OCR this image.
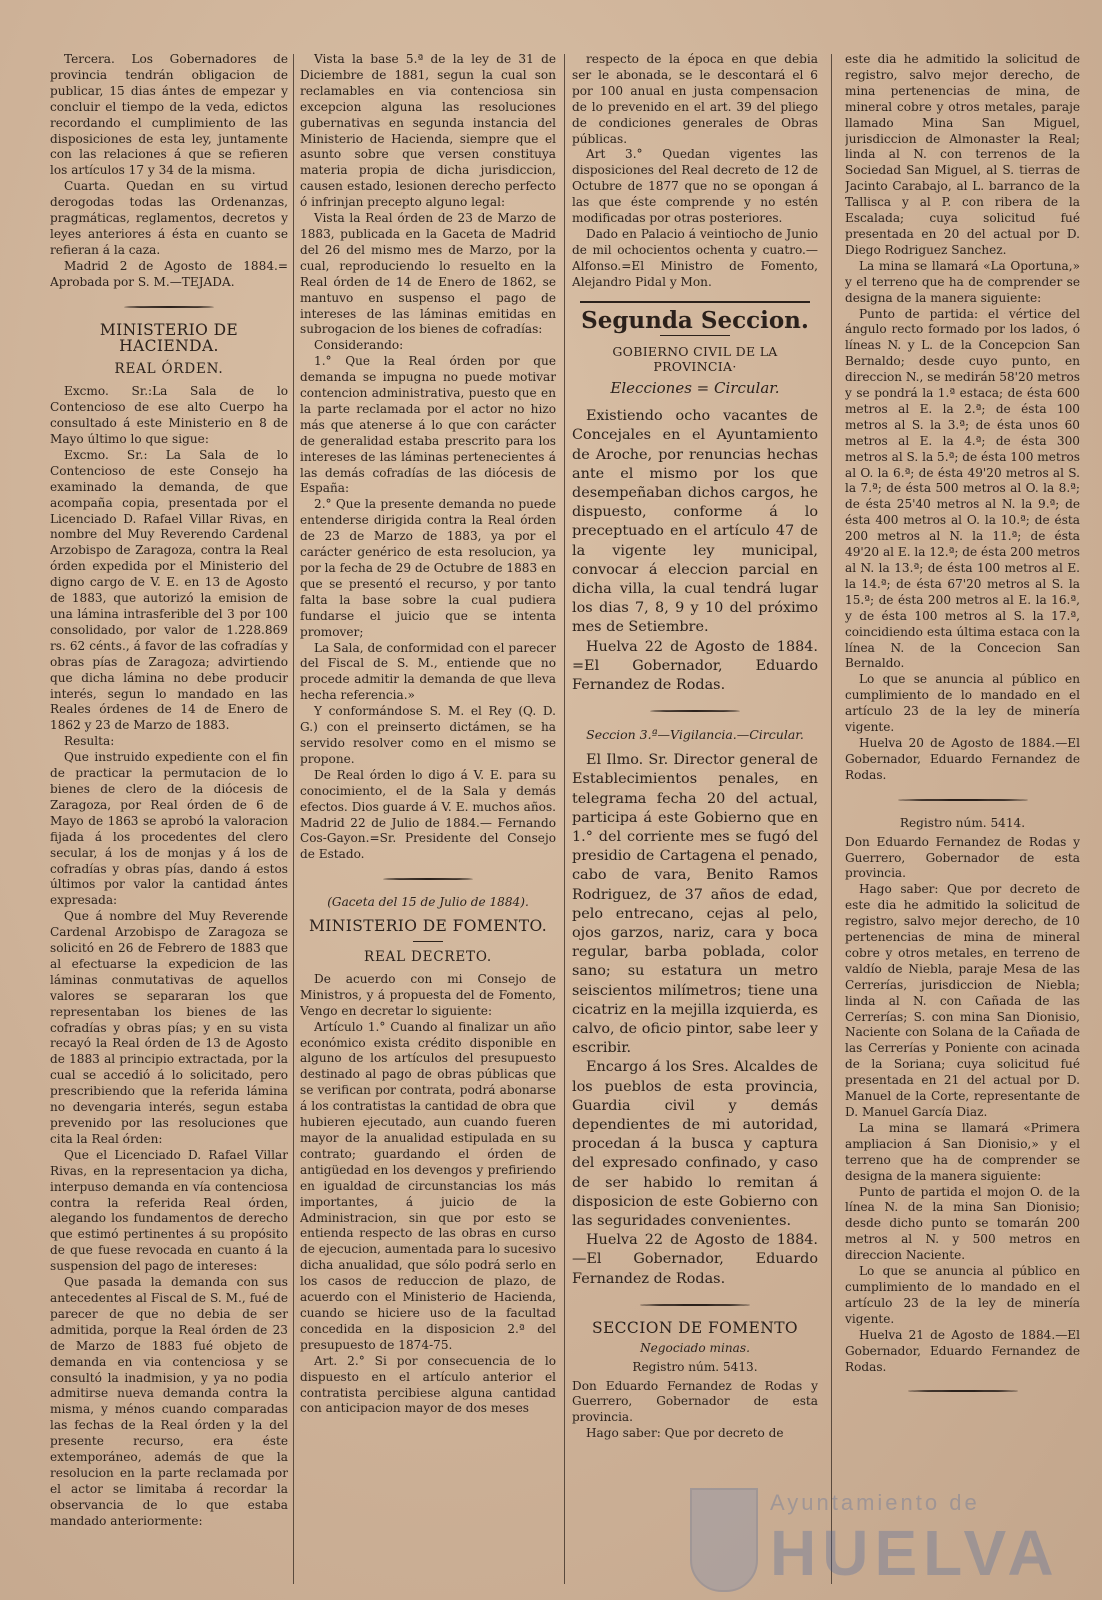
Tercera. Los Gobernadores de provincia tendrán obligacion de publicar, 15 dias ántes de empezar y concluir el tiempo de la veda, edictos recordando el cumplimiento de las disposiciones de esta ley, juntamente con las relaciones á que se refieren los artículos 17 y 34 de la misma.

Cuarta. Quedan en su virtud derogodas todas las Ordenanzas, pragmáticas, reglamentos, decretos y leyes anteriores á ésta en cuanto se refieran á la caza.

Madrid 2 de Agosto de 1884.= Aprobada por S. M.—TEJADA.

MINISTERIO DE HACIENDA.
REAL ÓRDEN.

Excmo. Sr.:La Sala de lo Contencioso de ese alto Cuerpo ha consultado á este Ministerio en 8 de Mayo último lo que sigue:

Excmo. Sr.: La Sala de lo Contencioso de este Consejo ha examinado la demanda, de que acompaña copia, presentada por el Licenciado D. Rafael Villar Rivas, en nombre del Muy Reverendo Cardenal Arzobispo de Zaragoza, contra la Real órden expedida por el Ministerio del digno cargo de V. E. en 13 de Agosto de 1883, que autorizó la emision de una lámina intrasferible del 3 por 100 consolidado, por valor de 1.228.869 rs. 62 cénts., á favor de las cofradías y obras pías de Zaragoza; advirtiendo que dicha lámina no debe producir interés, segun lo mandado en las Reales órdenes de 14 de Enero de 1862 y 23 de Marzo de 1883.

Resulta:

Que instruido expediente con el fin de practicar la permutacion de lo bienes de clero de la diócesis de Zaragoza, por Real órden de 6 de Mayo de 1863 se aprobó la valoracion fijada á los procedentes del clero secular, á los de monjas y á los de cofradías y obras pías, dando á estos últimos por valor la cantidad ántes expresada:

Que á nombre del Muy Reverende Cardenal Arzobispo de Zaragoza se solicitó en 26 de Febrero de 1883 que al efectuarse la expedicion de las láminas conmutativas de aquellos valores se separaran los que representaban los bienes de las cofradías y obras pías; y en su vista recayó la Real órden de 13 de Agosto de 1883 al principio extractada, por la cual se accedió á lo solicitado, pero prescribiendo que la referida lámina no devengaria interés, segun estaba prevenido por las resoluciones que cita la Real órden:

Que el Licenciado D. Rafael Villar Rivas, en la representacion ya dicha, interpuso demanda en vía contenciosa contra la referida Real órden, alegando los fundamentos de derecho que estimó pertinentes á su propósito de que fuese revocada en cuanto á la suspension del pago de intereses:

Que pasada la demanda con sus antecedentes al Fiscal de S. M., fué de parecer de que no debia de ser admitida, porque la Real órden de 23 de Marzo de 1883 fué objeto de demanda en via contenciosa y se consultó la inadmision, y ya no podia admitirse nueva demanda contra la misma, y ménos cuando comparadas las fechas de la Real órden y la del presente recurso, era éste extemporáneo, además de que la resolucion en la parte reclamada por el actor se limitaba á recordar la observancia de lo que estaba mandado anteriormente:

Vista la base 5.ª de la ley de 31 de Diciembre de 1881, segun la cual son reclamables en via contenciosa sin excepcion alguna las resoluciones gubernativas en segunda instancia del Ministerio de Hacienda, siempre que el asunto sobre que versen constituya materia propia de dicha jurisdiccion, causen estado, lesionen derecho perfecto ó infrinjan precepto alguno legal:

Vista la Real órden de 23 de Marzo de 1883, publicada en la Gaceta de Madrid del 26 del mismo mes de Marzo, por la cual, reproduciendo lo resuelto en la Real órden de 14 de Enero de 1862, se mantuvo en suspenso el pago de intereses de las láminas emitidas en subrogacion de los bienes de cofradías:

Considerando:

1.° Que la Real órden por que demanda se impugna no puede motivar contencion administrativa, puesto que en la parte reclamada por el actor no hizo más que atenerse á lo que con carácter de generalidad estaba prescrito para los intereses de las láminas pertenecientes á las demás cofradías de las diócesis de España:

2.° Que la presente demanda no puede entenderse dirigida contra la Real órden de 23 de Marzo de 1883, ya por el carácter genérico de esta resolucion, ya por la fecha de 29 de Octubre de 1883 en que se presentó el recurso, y por tanto falta la base sobre la cual pudiera fundarse el juicio que se intenta promover;

La Sala, de conformidad con el parecer del Fiscal de S. M., entiende que no procede admitir la demanda de que lleva hecha referencia.»

Y conformándose S. M. el Rey (Q. D. G.) con el preinserto dictámen, se ha servido resolver como en el mismo se propone.

De Real órden lo digo á V. E. para su conocimiento, el de la Sala y demás efectos. Dios guarde á V. E. muchos años. Madrid 22 de Julio de 1884.— Fernando Cos-Gayon.=Sr. Presidente del Consejo de Estado.

(Gaceta del 15 de Julio de 1884).

MINISTERIO DE FOMENTO.
REAL DECRETO.

De acuerdo con mi Consejo de Ministros, y á propuesta del de Fomento, Vengo en decretar lo siguiente:

Artículo 1.° Cuando al finalizar un año económico exista crédito disponible en alguno de los artículos del presupuesto destinado al pago de obras públicas que se verifican por contrata, podrá abonarse á los contratistas la cantidad de obra que hubieren ejecutado, aun cuando fueren mayor de la anualidad estipulada en su contrato; guardando el órden de antigüedad en los devengos y prefiriendo en igualdad de circunstancias los más importantes, á juicio de la Administracion, sin que por esto se entienda respecto de las obras en curso de ejecucion, aumentada para lo sucesivo dicha anualidad, que sólo podrá serlo en los casos de reduccion de plazo, de acuerdo con el Ministerio de Hacienda, cuando se hiciere uso de la facultad concedida en la disposicion 2.ª del presupuesto de 1874-75.

Art. 2.° Si por consecuencia de lo dispuesto en el artículo anterior el contratista percibiese alguna cantidad con anticipacion mayor de dos meses

respecto de la época en que debia ser le abonada, se le descontará el 6 por 100 anual en justa compensacion de lo prevenido en el art. 39 del pliego de condiciones generales de Obras públicas.

Art 3.° Quedan vigentes las disposiciones del Real decreto de 12 de Octubre de 1877 que no se opongan á las que éste comprende y no estén modificadas por otras posteriores.

Dado en Palacio á veintiocho de Junio de mil ochocientos ochenta y cuatro.—Alfonso.=El Ministro de Fomento, Alejandro Pidal y Mon.

Segunda Seccion.
GOBIERNO CIVIL DE LA PROVINCIA·
Elecciones = Circular.

Existiendo ocho vacantes de Concejales en el Ayuntamiento de Aroche, por renuncias hechas ante el mismo por los que desempeñaban dichos cargos, he dispuesto, conforme á lo preceptuado en el artículo 47 de la vigente ley municipal, convocar á eleccion parcial en dicha villa, la cual tendrá lugar los dias 7, 8, 9 y 10 del próximo mes de Setiembre.

Huelva 22 de Agosto de 1884. =El Gobernador, Eduardo Fernandez de Rodas.

Seccion 3.ª—Vigilancia.—Circular.

El Ilmo. Sr. Director general de Establecimientos penales, en telegrama fecha 20 del actual, participa á este Gobierno que en 1.° del corriente mes se fugó del presidio de Cartagena el penado, cabo de vara, Benito Ramos Rodriguez, de 37 años de edad, pelo entrecano, cejas al pelo, ojos garzos, nariz, cara y boca regular, barba poblada, color sano; su estatura un metro seiscientos milímetros; tiene una cicatriz en la mejilla izquierda, es calvo, de oficio pintor, sabe leer y escribir.

Encargo á los Sres. Alcaldes de los pueblos de esta provincia, Guardia civil y demás dependientes de mi autoridad, procedan á la busca y captura del expresado confinado, y caso de ser habido lo remitan á disposicion de este Gobierno con las seguridades convenientes.

Huelva 22 de Agosto de 1884. —El Gobernador, Eduardo Fernandez de Rodas.

SECCION DE FOMENTO

Negociado minas.

Registro núm. 5413.

Don Eduardo Fernandez de Rodas y Guerrero, Gobernador de esta provincia.

Hago saber: Que por decreto de

este dia he admitido la solicitud de registro, salvo mejor derecho, de mina pertenencias de mina, de mineral cobre y otros metales, paraje llamado Mina San Miguel, jurisdiccion de Almonaster la Real; linda al N. con terrenos de la Sociedad San Miguel, al S. tierras de Jacinto Carabajo, al L. barranco de la Tallisca y al P. con ribera de la Escalada; cuya solicitud fué presentada en 20 del actual por D. Diego Rodriguez Sanchez.

La mina se llamará «La Oportuna,» y el terreno que ha de comprender se designa de la manera siguiente:

Punto de partida: el vértice del ángulo recto formado por los lados, ó líneas N. y L. de la Concepcion San Bernaldo; desde cuyo punto, en direccion N., se medirán 58'20 metros y se pondrá la 1.ª estaca; de ésta 600 metros al E. la 2.ª; de ésta 100 metros al S. la 3.ª; de ésta unos 60 metros al E. la 4.ª; de ésta 300 metros al S. la 5.ª; de ésta 100 metros al O. la 6.ª; de ésta 49'20 metros al S. la 7.ª; de ésta 500 metros al O. la 8.ª; de ésta 25'40 metros al N. la 9.ª; de ésta 400 metros al O. la 10.ª; de ésta 200 metros al N. la 11.ª; de ésta 49'20 al E. la 12.ª; de ésta 200 metros al N. la 13.ª; de ésta 100 metros al E. la 14.ª; de ésta 67'20 metros al S. la 15.ª; de ésta 200 metros al E. la 16.ª, y de ésta 100 metros al S. la 17.ª, coincidiendo esta última estaca con la línea N. de la Concecion San Bernaldo.

Lo que se anuncia al público en cumplimiento de lo mandado en el artículo 23 de la ley de minería vigente.

Huelva 20 de Agosto de 1884.—El Gobernador, Eduardo Fernandez de Rodas.

Registro núm. 5414.

Don Eduardo Fernandez de Rodas y Guerrero, Gobernador de esta provincia.

Hago saber: Que por decreto de este dia he admitido la solicitud de registro, salvo mejor derecho, de 10 pertenencias de mina de mineral cobre y otros metales, en terreno de valdío de Niebla, paraje Mesa de las Cerrerías, jurisdiccion de Niebla; linda al N. con Cañada de las Cerrerías; S. con mina San Dionisio, Naciente con Solana de la Cañada de las Cerrerías y Poniente con acinada de la Soriana; cuya solicitud fué presentada en 21 del actual por D. Manuel de la Corte, representante de D. Manuel García Diaz.

La mina se llamará «Primera ampliacion á San Dionisio,» y el terreno que ha de comprender se designa de la manera siguiente:

Punto de partida el mojon O. de la línea N. de la mina San Dionisio; desde dicho punto se tomarán 200 metros al N. y 500 metros en direccion Naciente.

Lo que se anuncia al público en cumplimiento de lo mandado en el artículo 23 de la ley de minería vigente.

Huelva 21 de Agosto de 1884.—El Gobernador, Eduardo Fernandez de Rodas.

Ayuntamiento de
HUELVA
